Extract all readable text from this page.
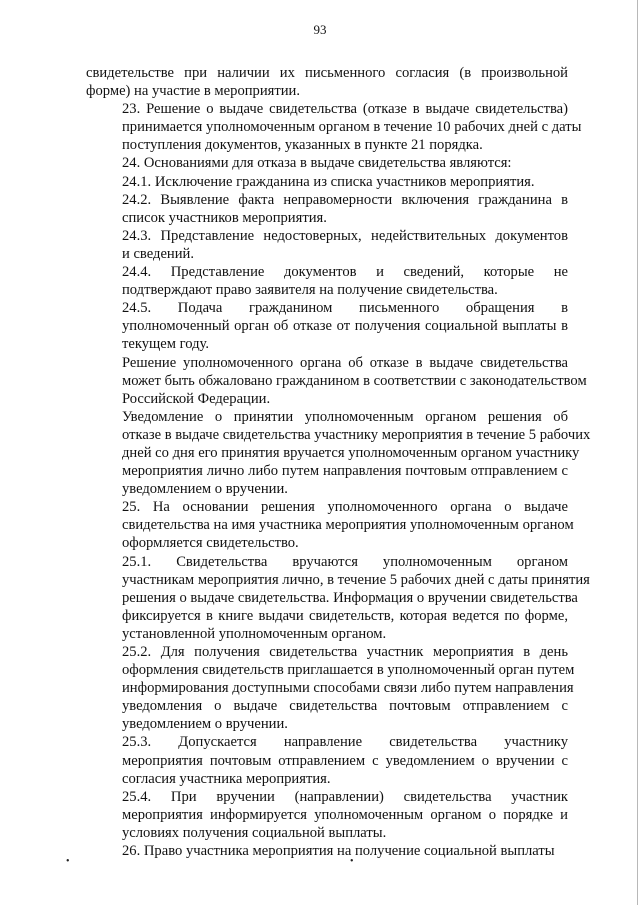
93

свидетельстве при наличии их письменного согласия (в произвольной
форме) на участие в мероприятии.

23. Решение о выдаче свидетельства (отказе в выдаче свидетельства)
принимается уполномоченным органом в течение 10 рабочих дней с даты
поступления документов, указанных в пункте 21 порядка.

24. Основаниями для отказа в выдаче свидетельства являются:

24.1. Исключение гражданина из списка участников мероприятия.

24.2. Выявление факта неправомерности включения гражданина в
список участников мероприятия.

24.3. Представление недостоверных, недействительных документов
и сведений.

24.4. Представление документов и сведений, которые не
подтверждают право заявителя на получение свидетельства.

24.5. Подача гражданином письменного обращения в
уполномоченный орган об отказе от получения социальной выплаты в
текущем году.

Решение уполномоченного органа об отказе в выдаче свидетельства
может быть обжаловано гражданином в соответствии с законодательством
Российской Федерации.

Уведомление о принятии уполномоченным органом решения об
отказе в выдаче свидетельства участнику мероприятия в течение 5 рабочих
дней со дня его принятия вручается уполномоченным органом участнику
мероприятия лично либо путем направления почтовым отправлением с
уведомлением о вручении.

25. На основании решения уполномоченного органа о выдаче
свидетельства на имя участника мероприятия уполномоченным органом
оформляется свидетельство.

25.1. Свидетельства вручаются уполномоченным органом
участникам мероприятия лично, в течение 5 рабочих дней с даты принятия
решения о выдаче свидетельства. Информация о вручении свидетельства
фиксируется в книге выдачи свидетельств, которая ведется по форме,
установленной уполномоченным органом.

25.2. Для получения свидетельства участник мероприятия в день
оформления свидетельств приглашается в уполномоченный орган путем
информирования доступными способами связи либо путем направления
уведомления о выдаче свидетельства почтовым отправлением с
уведомлением о вручении.

25.3. Допускается направление свидетельства участнику
мероприятия почтовым отправлением с уведомлением о вручении с
согласия участника мероприятия.

25.4. При вручении (направлении) свидетельства участник
мероприятия информируется уполномоченным органом о порядке и
условиях получения социальной выплаты.

26. Право участника мероприятия на получение социальной выплаты

•	•
